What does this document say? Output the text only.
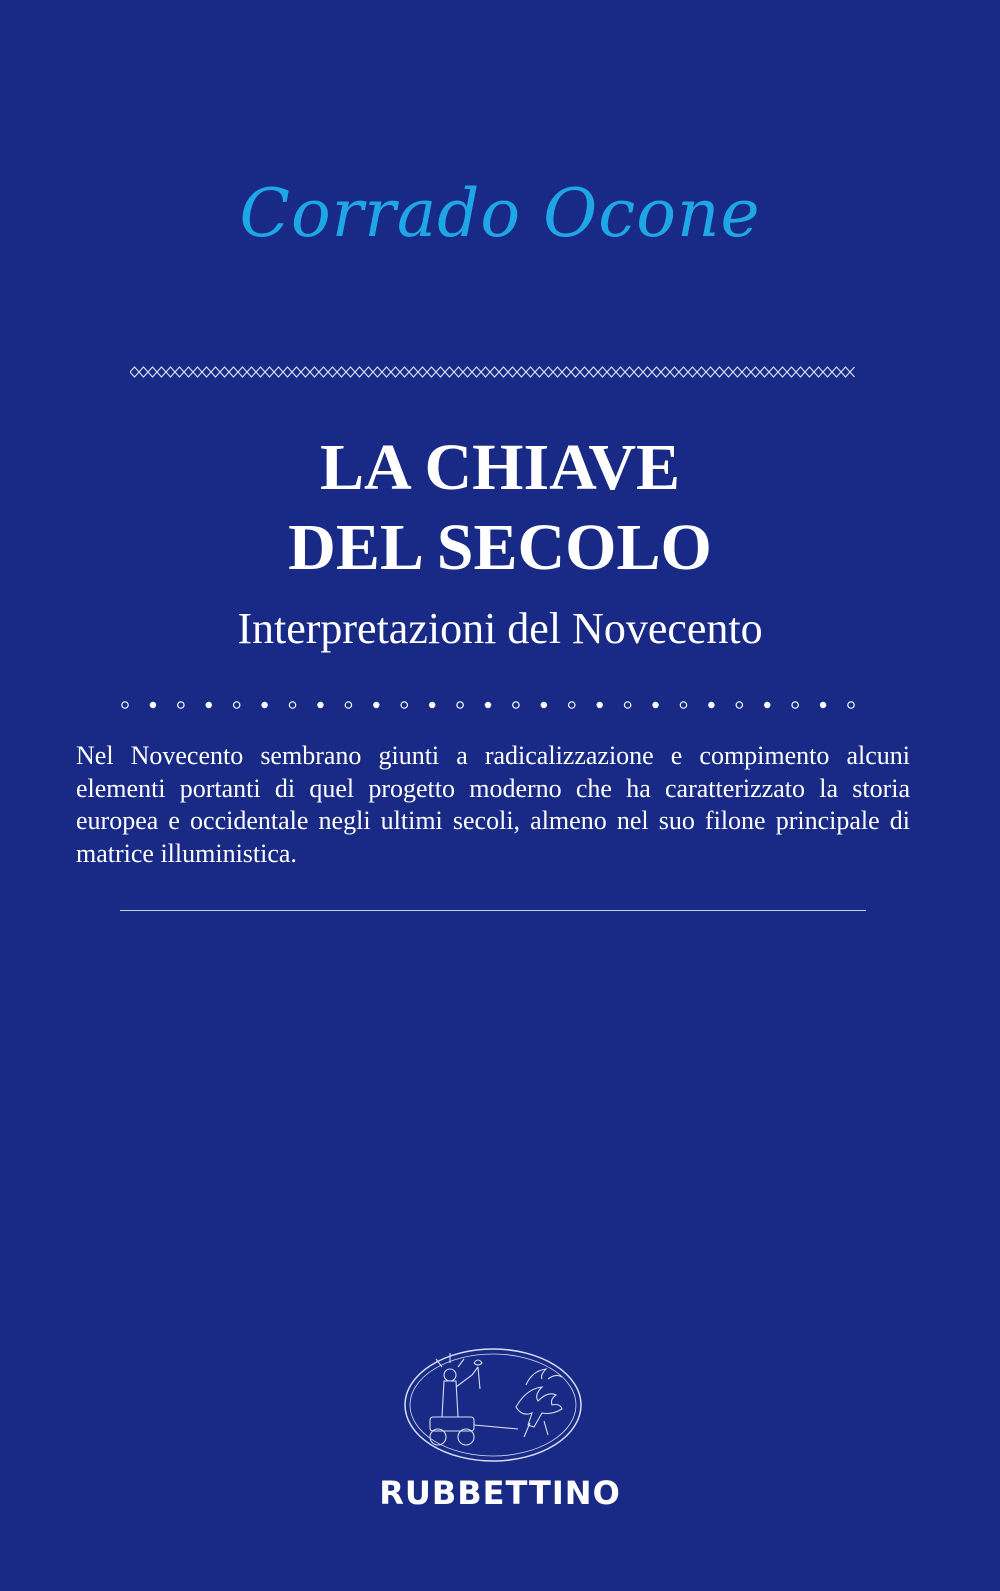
Corrado Ocone
LA CHIAVE
DEL SECOLO
Interpretazioni del Novecento
Nel Novecento sembrano giunti a radicalizzazione e compimento alcuni elementi portanti di quel progetto moderno che ha caratterizzato la storia europea e occidentale negli ultimi secoli, almeno nel suo filone principale di matrice illuministica.
RUBBETTINO
